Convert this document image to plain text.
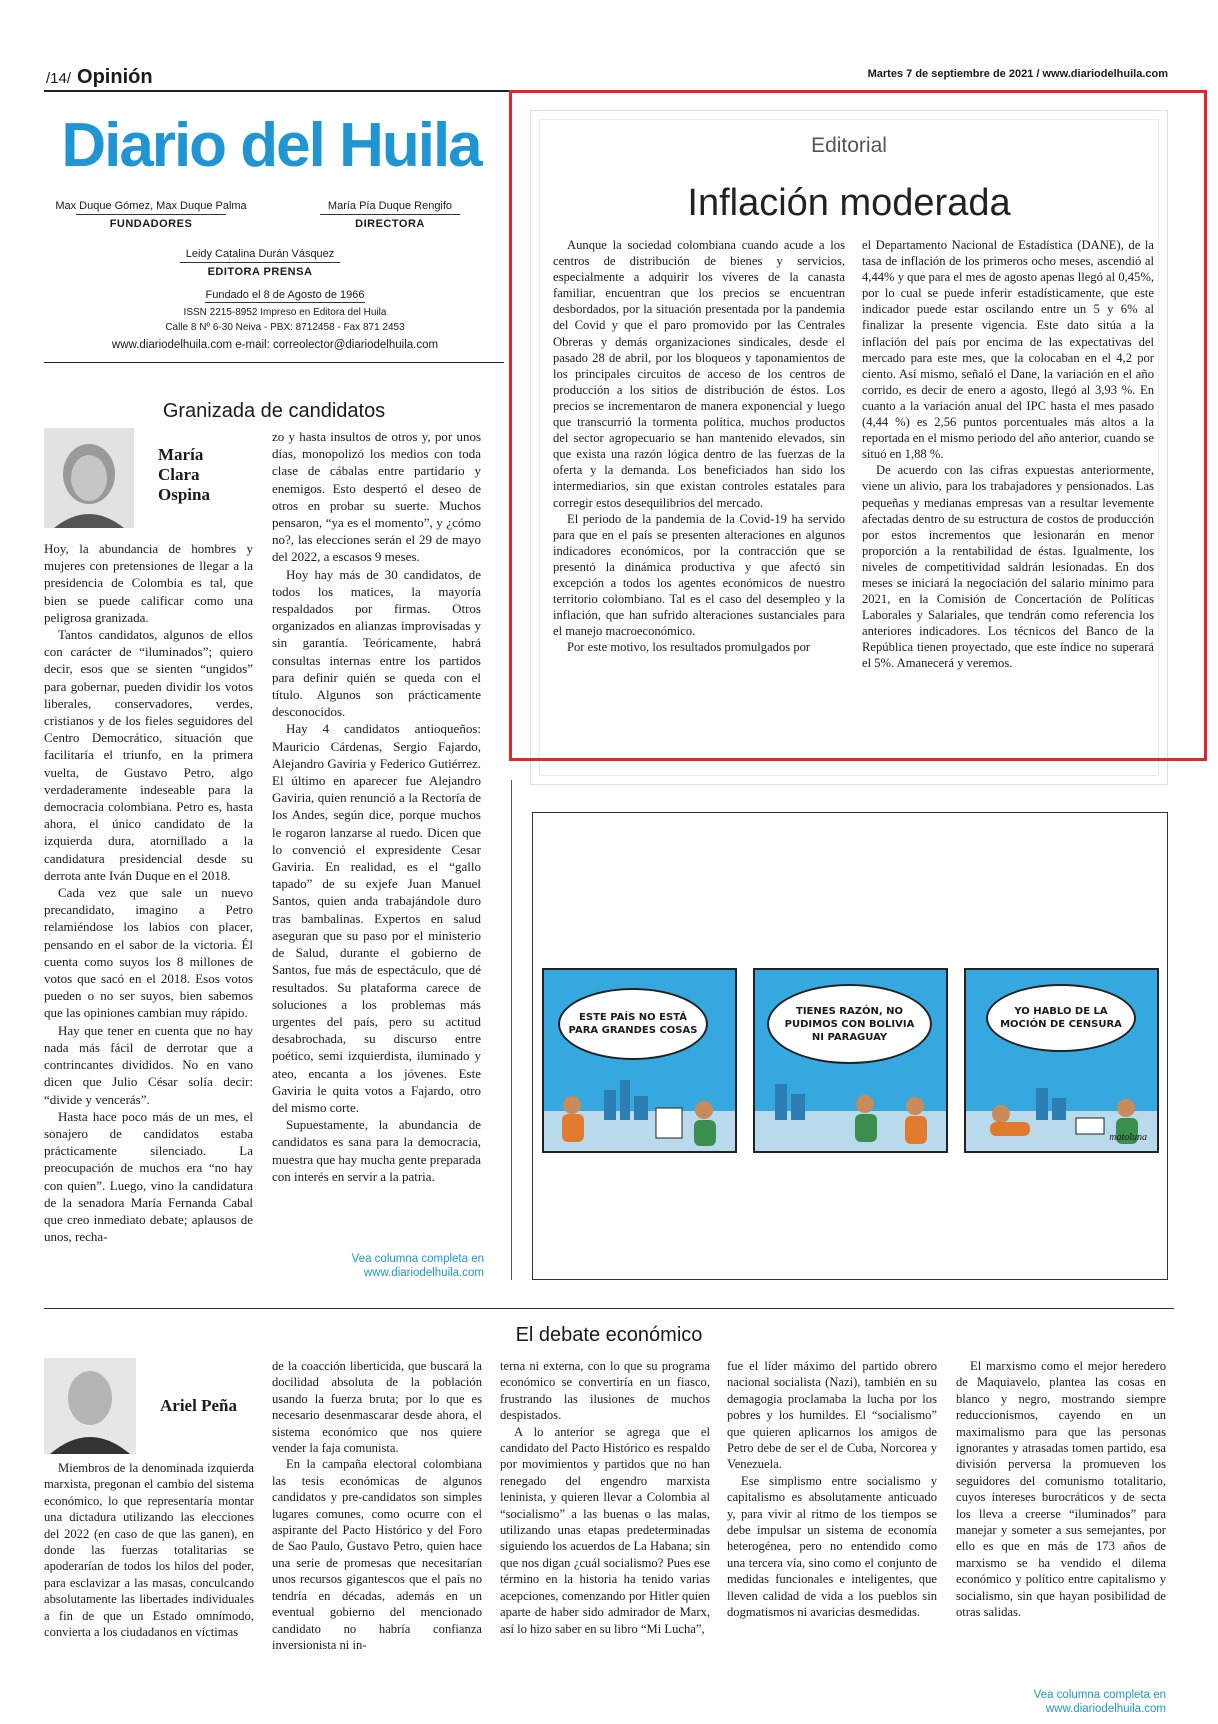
/14/ Opinión	Martes 7 de septiembre de 2021 / www.diariodelhuila.com
Diario del Huila
Max Duque Gómez, Max Duque Palma
FUNDADORES
María Pía Duque Rengifo
DIRECTORA
Leidy Catalina Durán Vásquez
EDITORA PRENSA
Fundado el 8 de Agosto de 1966
ISSN 2215-8952 Impreso en Editora del Huila
Calle 8 Nº 6-30 Neiva - PBX: 8712458 - Fax 871 2453
www.diariodelhuila.com e-mail: correolector@diariodelhuila.com
Editorial
Inflación moderada

Aunque la sociedad colombiana cuando acude a los centros de distribución de bienes y servicios, especialmente a adquirir los víveres de la canasta familiar, encuentran que los precios se encuentran desbordados, por la situación presentada por la pandemia del Covid y que el paro promovido por las Centrales Obreras y demás organizaciones sindicales, desde el pasado 28 de abril, por los bloqueos y taponamientos de los principales circuitos de acceso de los centros de producción a los sitios de distribución de éstos. Los precios se incrementaron de manera exponencial y luego que transcurrió la tormenta política, muchos productos del sector agropecuario se han mantenido elevados, sin que exista una razón lógica dentro de las fuerzas de la oferta y la demanda. Los beneficiados han sido los intermediarios, sin que existan controles estatales para corregir estos desequilibrios del mercado.

El periodo de la pandemia de la Covid-19 ha servido para que en el país se presenten alteraciones en algunos indicadores económicos, por la contracción que se presentó la dinámica productiva y que afectó sin excepción a todos los agentes económicos de nuestro territorio colombiano. Tal es el caso del desempleo y la inflación, que han sufrido alteraciones sustanciales para el manejo macroeconómico.

Por este motivo, los resultados promulgados por

el Departamento Nacional de Estadística (DANE), de la tasa de inflación de los primeros ocho meses, ascendió al 4,44% y que para el mes de agosto apenas llegó al 0,45%, por lo cual se puede inferir estadísticamente, que este indicador puede estar oscilando entre un 5 y 6% al finalizar la presente vigencia. Este dato sitúa a la inflación del país por encima de las expectativas del mercado para este mes, que la colocaban en el 4,2 por ciento. Así mismo, señaló el Dane, la variación en el año corrido, es decir de enero a agosto, llegó al 3,93 %. En cuanto a la variación anual del IPC hasta el mes pasado (4,44 %) es 2,56 puntos porcentuales más altos a la reportada en el mismo periodo del año anterior, cuando se situó en 1,88 %.

De acuerdo con las cifras expuestas anteriormente, viene un alivio, para los trabajadores y pensionados. Las pequeñas y medianas empresas van a resultar levemente afectadas dentro de su estructura de costos de producción por estos incrementos que lesionarán en menor proporción a la rentabilidad de éstas. Igualmente, los niveles de competitividad saldrán lesionadas. En dos meses se iniciará la negociación del salario mínimo para 2021, en la Comisión de Concertación de Políticas Laborales y Salariales, que tendrán como referencia los anteriores indicadores. Los técnicos del Banco de la República tienen proyectado, que este índice no superará el 5%. Amanecerá y veremos.

Granizada de candidatos
María
Clara
Ospina

Hoy, la abundancia de hombres y mujeres con pretensiones de llegar a la presidencia de Colombia es tal, que bien se puede calificar como una peligrosa granizada.

Tantos candidatos, algunos de ellos con carácter de “iluminados”; quiero decir, esos que se sienten “ungidos” para gobernar, pueden dividir los votos liberales, conservadores, verdes, cristianos y de los fieles seguidores del Centro Democrático, situación que facilitaría el triunfo, en la primera vuelta, de Gustavo Petro, algo verdaderamente indeseable para la democracia colombiana. Petro es, hasta ahora, el único candidato de la izquierda dura, atornillado a la candidatura presidencial desde su derrota ante Iván Duque en el 2018.

Cada vez que sale un nuevo precandidato, imagino a Petro relamiéndose los labios con placer, pensando en el sabor de la victoria. Él cuenta como suyos los 8 millones de votos que sacó en el 2018. Esos votos pueden o no ser suyos, bien sabemos que las opiniones cambian muy rápido.

Hay que tener en cuenta que no hay nada más fácil de derrotar que a contrincantes divididos. No en vano dicen que Julio César solía decir: “divide y vencerás”.

Hasta hace poco más de un mes, el sonajero de candidatos estaba prácticamente silenciado. La preocupación de muchos era “no hay con quien”. Luego, vino la candidatura de la senadora María Fernanda Cabal que creo inmediato debate; aplausos de unos, recha-

zo y hasta insultos de otros y, por unos días, monopolizó los medios con toda clase de cábalas entre partidario y enemigos. Esto despertó el deseo de otros en probar su suerte. Muchos pensaron, “ya es el momento”, y ¿cómo no?, las elecciones serán el 29 de mayo del 2022, a escasos 9 meses.

Hoy hay más de 30 candidatos, de todos los matices, la mayoría respaldados por firmas. Otros organizados en alianzas improvisadas y sin garantía. Teóricamente, habrá consultas internas entre los partidos para definir quién se queda con el título. Algunos son prácticamente desconocidos.

Hay 4 candidatos antioqueños: Mauricio Cárdenas, Sergio Fajardo, Alejandro Gaviria y Federico Gutiérrez. El último en aparecer fue Alejandro Gaviria, quien renunció a la Rectoría de los Andes, según dice, porque muchos le rogaron lanzarse al ruedo. Dicen que lo convenció el expresidente Cesar Gaviria. En realidad, es el “gallo tapado” de su exjefe Juan Manuel Santos, quien anda trabajándole duro tras bambalinas. Expertos en salud aseguran que su paso por el ministerio de Salud, durante el gobierno de Santos, fue más de espectáculo, que dé resultados. Su plataforma carece de soluciones a los problemas más urgentes del país, pero su actitud desabrochada, su discurso entre poético, semi izquierdista, iluminado y ateo, encanta a los jóvenes. Este Gaviria le quita votos a Fajardo, otro del mismo corte.

Supuestamente, la abundancia de candidatos es sana para la democracia, muestra que hay mucha gente preparada con interés en servir a la patria.

Vea columna completa en
www.diariodelhuila.com
ESTE PAÍS NO ESTÁ PARA GRANDES COSAS
TIENES RAZÓN, NO PUDIMOS CON BOLIVIA NI PARAGUAY
YO HABLO DE LA MOCIÓN DE CENSURA
matoluna
El debate económico
Ariel Peña

Miembros de la denominada izquierda marxista, pregonan el cambio del sistema económico, lo que representaría montar una dictadura utilizando las elecciones del 2022 (en caso de que las ganen), en donde las fuerzas totalitarias se apoderarían de todos los hilos del poder, para esclavizar a las masas, conculcando absolutamente las libertades individuales a fin de que un Estado omnímodo, convierta a los ciudadanos en víctimas

de la coacción liberticida, que buscará la docilidad absoluta de la población usando la fuerza bruta; por lo que es necesario desenmascarar desde ahora, el sistema económico que nos quiere vender la faja comunista.

En la campaña electoral colombiana las tesis económicas de algunos candidatos y pre-candidatos son simples lugares comunes, como ocurre con el aspirante del Pacto Histórico y del Foro de Sao Paulo, Gustavo Petro, quien hace una serie de promesas que necesitarían unos recursos gigantescos que el país no tendría en décadas, además en un eventual gobierno del mencionado candidato no habría confianza inversionista ni in-

terna ni externa, con lo que su programa económico se convertiría en un fiasco, frustrando las ilusiones de muchos despistados.

A lo anterior se agrega que el candidato del Pacto Histórico es respaldo por movimientos y partidos que no han renegado del engendro marxista leninista, y quieren llevar a Colombia al “socialismo” a las buenas o las malas, utilizando unas etapas predeterminadas siguiendo los acuerdos de La Habana; sin que nos digan ¿cuál socialismo? Pues ese término en la historia ha tenido varias acepciones, comenzando por Hitler quien aparte de haber sido admirador de Marx, así lo hizo saber en su libro “Mi Lucha”,

fue el líder máximo del partido obrero nacional socialista (Nazi), también en su demagogia proclamaba la lucha por los pobres y los humildes. El “socialismo” que quieren aplicarnos los amigos de Petro debe de ser el de Cuba, Norcorea y Venezuela.

Ese simplismo entre socialismo y capitalismo es absolutamente anticuado y, para vivir al ritmo de los tiempos se debe impulsar un sistema de economía heterogénea, pero no entendido como una tercera vía, sino como el conjunto de medidas funcionales e inteligentes, que lleven calidad de vida a los pueblos sin dogmatismos ni avaricias desmedidas.

El marxismo como el mejor heredero de Maquiavelo, plantea las cosas en blanco y negro, mostrando siempre reduccionismos, cayendo en un maximalismo para que las personas ignorantes y atrasadas tomen partido, esa división perversa la promueven los seguidores del comunismo totalitario, cuyos intereses burocráticos y de secta los lleva a creerse “iluminados” para manejar y someter a sus semejantes, por ello es que en más de 173 años de marxismo se ha vendido el dilema económico y político entre capitalismo y socialismo, sin que hayan posibilidad de otras salidas.

Vea columna completa en
www.diariodelhuila.com
